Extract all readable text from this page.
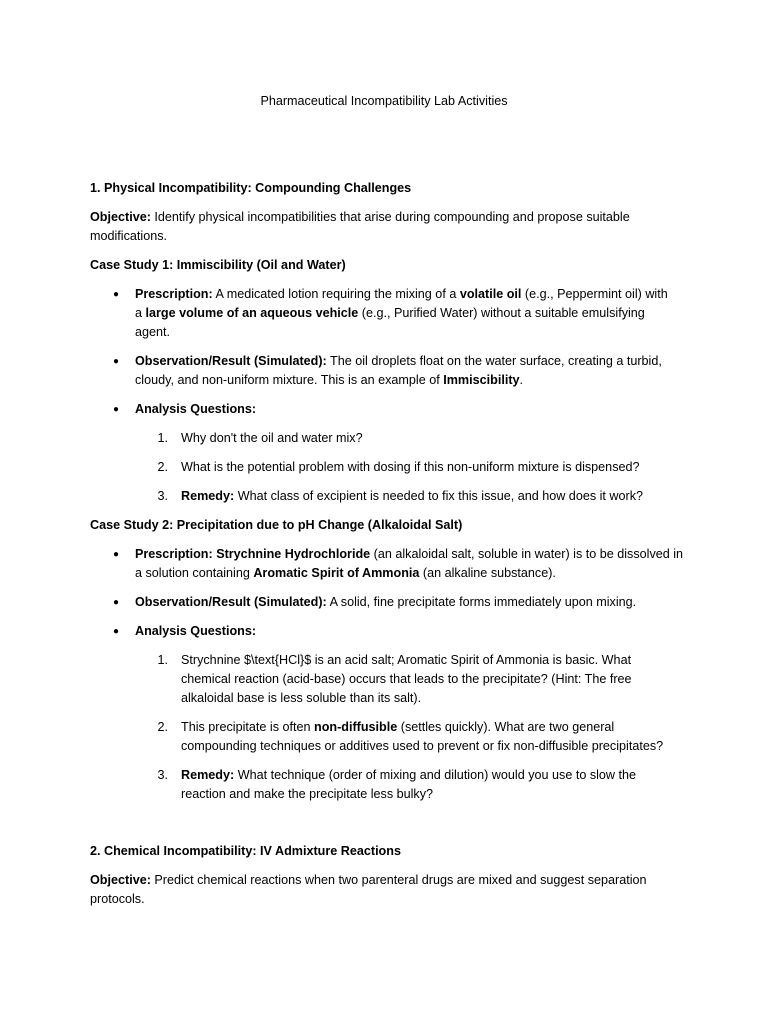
Pharmaceutical Incompatibility Lab Activities
1. Physical Incompatibility: Compounding Challenges
Objective: Identify physical incompatibilities that arise during compounding and propose suitable
modifications.
Case Study 1: Immiscibility (Oil and Water)
● Prescription: A medicated lotion requiring the mixing of a volatile oil (e.g., Peppermint oil) with
a large volume of an aqueous vehicle (e.g., Purified Water) without a suitable emulsifying
agent.
● Observation/Result (Simulated): The oil droplets float on the water surface, creating a turbid,
cloudy, and non-uniform mixture. This is an example of Immiscibility.
● Analysis Questions:
1. Why don't the oil and water mix?
2. What is the potential problem with dosing if this non-uniform mixture is dispensed?
3. Remedy: What class of excipient is needed to fix this issue, and how does it work?
Case Study 2: Precipitation due to pH Change (Alkaloidal Salt)
● Prescription: Strychnine Hydrochloride (an alkaloidal salt, soluble in water) is to be dissolved in
a solution containing Aromatic Spirit of Ammonia (an alkaline substance).
● Observation/Result (Simulated): A solid, fine precipitate forms immediately upon mixing.
● Analysis Questions:
1. Strychnine $\text{HCl}$ is an acid salt; Aromatic Spirit of Ammonia is basic. What
chemical reaction (acid-base) occurs that leads to the precipitate? (Hint: The free
alkaloidal base is less soluble than its salt).
2. This precipitate is often non-diffusible (settles quickly). What are two general
compounding techniques or additives used to prevent or fix non-diffusible precipitates?
3. Remedy: What technique (order of mixing and dilution) would you use to slow the
reaction and make the precipitate less bulky?
2. Chemical Incompatibility: IV Admixture Reactions
Objective: Predict chemical reactions when two parenteral drugs are mixed and suggest separation
protocols.
